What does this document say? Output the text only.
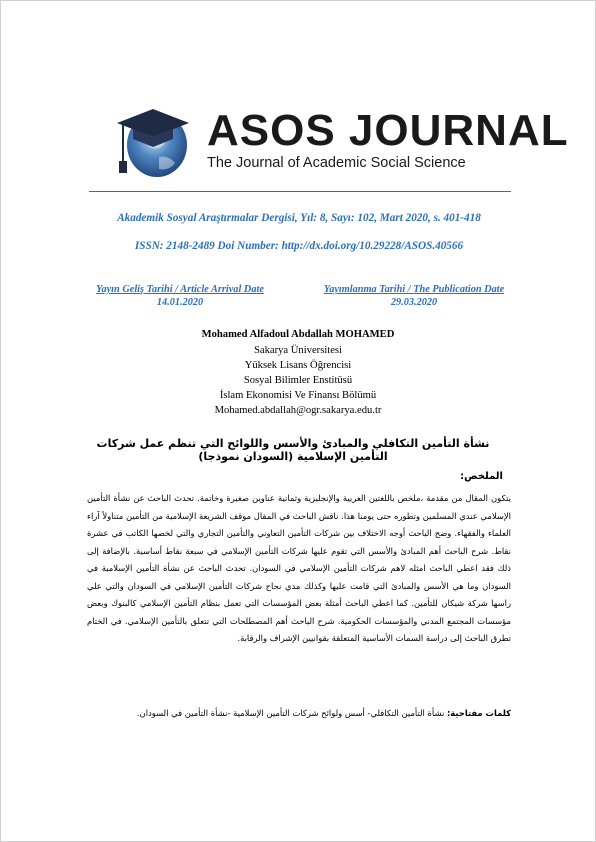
ASOS JOURNAL
The Journal of Academic Social Science
Akademik Sosyal Araştırmalar Dergisi, Yıl: 8, Sayı: 102, Mart 2020, s. 401-418
ISSN: 2148-2489 Doi Number: http://dx.doi.org/10.29228/ASOS.40566
Yayın Geliş Tarihi / Article Arrival Date
14.01.2020
Yayımlanma Tarihi / The Publication Date
29.03.2020
Mohamed Alfadoul Abdallah MOHAMED
Sakarya Üniversitesi
Yüksek Lisans Öğrencisi
Sosyal Bilimler Enstitüsü
İslam Ekonomisi Ve Finansı Bölümü
Mohamed.abdallah@ogr.sakarya.edu.tr
نشأة التأمين التكافلي والمبادئ والأسس واللوائح التي تنظم عمل شركات التأمين الإسلامية (السودان نموذجا)
الملخص:
يتكون المقال من مقدمة ،ملخص باللغتين العربية والإنجليزية وثمانية عناوين صغيرة وخاتمة. تحدث الباحث عن نشأة التأمين الإسلامي عندي المسلمين وتطوره حتى يومنا هذا. ناقش الباحث في المقال موقف الشريعة الإسلامية من التأمين متناولاً آراء العلماء والفقهاء. وضح الباحث أوجه الاختلاف بين شركات التأمين التعاوني والتأمين التجاري والتي لخصها الكاتب في عشرة نقاط. شرح الباحث أهم المبادئ والأسس التي تقوم عليها شركات التأمين الإسلامي في سبعة نقاط أساسية. بالإضافة إلى ذلك فقد اعطي الباحث امثله لاهم شركات التأمين الإسلامي في السودان. تحدث الباحث عن نشأة التأمين الإسلامية في السودان وما هي الأسس والمبادئ التي قامت عليها وكذلك مدي نجاح شركات التأمين الإسلامي في السودان والتي علي راسها شركة شيكان للتأمين. كما اعطي الباحث أمثلة بعض المؤسسات التي تعمل بنظام التأمين الإسلامي كالبنوك وبعض مؤسسات المجتمع المدني والمؤسسات الحكومية. شرح الباحث أهم المصطلحات التي تتعلق بالتأمين الإسلامي. في الختام تطرق الباحث إلى دراسة السمات الأساسية المتعلقة بقوانيين الإشراف والرقابة.
كلمات مفتاحية: نشأة التأمين التكافلي- أسس ولوائح شركات التأمين الإسلامية -نشأة التأمين في السودان.
